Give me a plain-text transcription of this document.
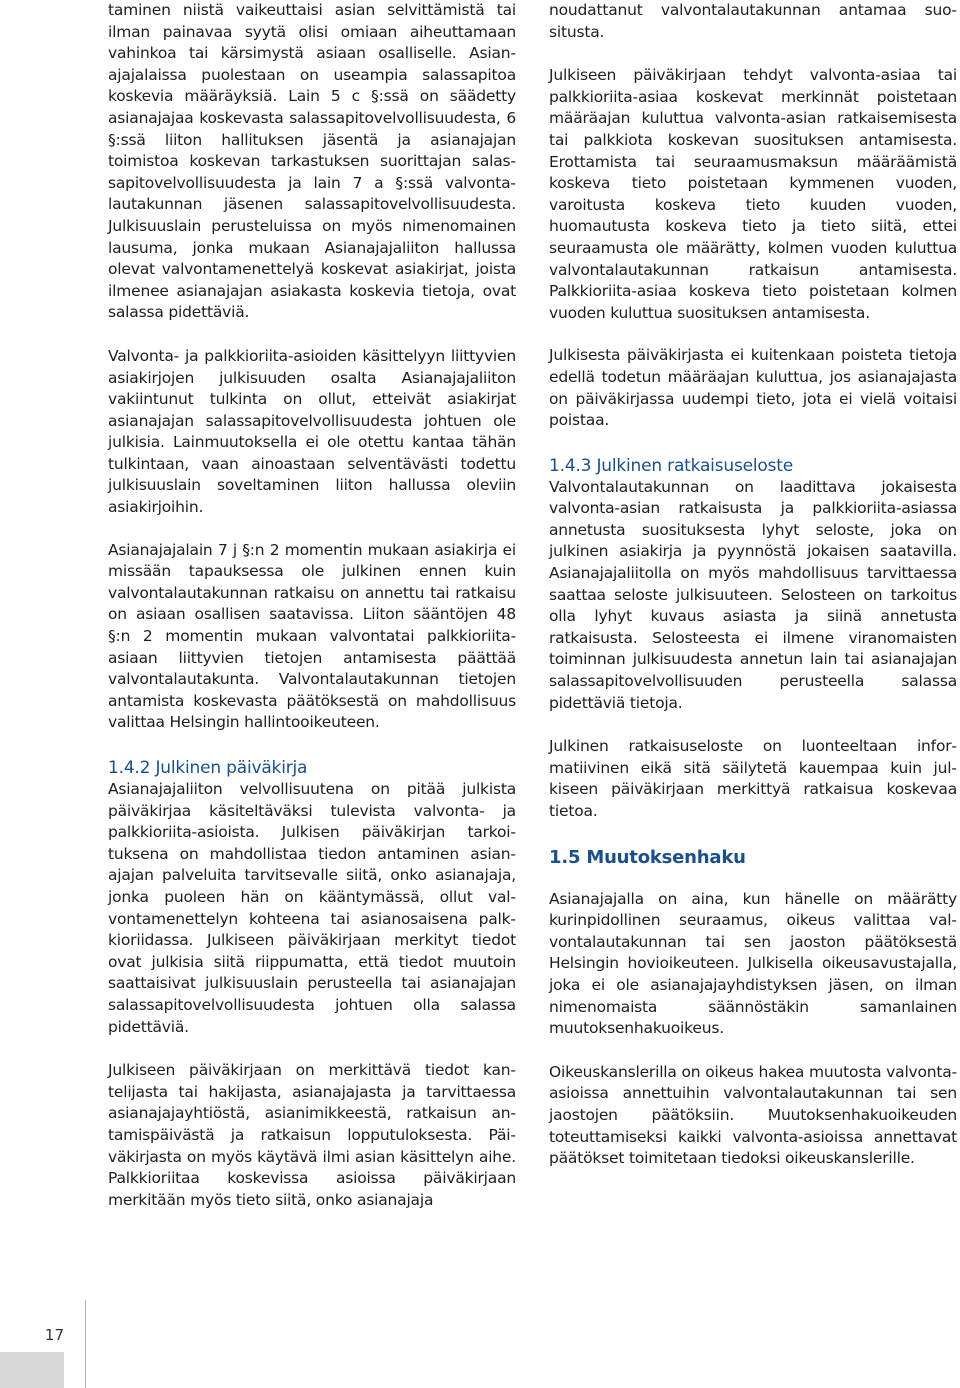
taminen niistä vaikeuttaisi asian selvittämistä tai ilman painavaa syytä olisi omiaan aiheuttamaan vahinkoa tai kärsimystä asiaan osalliselle. Asianajajalaissa puolestaan on useampia salassapitoa koskevia määräyksiä. Lain 5 c §:ssä on säädetty asianajajaa koskevasta salassapitovelvollisuudesta, 6 §:ssä liiton hallituksen jäsentä ja asianajajan toimistoa koskevan tarkastuksen suorittajan salassapitovelvollisuudesta ja lain 7 a §:ssä valvontalautakunnan jäsenen salassapitovelvollisuudesta. Julkisuuslain perusteluissa on myös nimenomainen lausuma, jonka mukaan Asianajajaliiton hallussa olevat valvontamenettelyä koskevat asiakirjat, joista ilmenee asianajajan asiakasta koskevia tietoja, ovat salassa pidettäviä.

Valvonta- ja palkkioriita-asioiden käsittelyyn liittyvien asiakirjojen julkisuuden osalta Asianajajaliiton vakiintunut tulkinta on ollut, etteivät asiakirjat asianajajan salassapitovelvollisuudesta johtuen ole julkisia. Lainmuutoksella ei ole otettu kantaa tähän tulkintaan, vaan ainoastaan selventävästi todettu julkisuuslain soveltaminen liiton hallussa oleviin asiakirjoihin.

Asianajajalain 7 j §:n 2 momentin mukaan asiakirja ei missään tapauksessa ole julkinen ennen kuin valvontalautakunnan ratkaisu on annettu tai ratkaisu on asiaan osallisen saatavissa. Liiton sääntöjen 48 §:n 2 momentin mukaan valvontatai palkkioriita-asiaan liittyvien tietojen antamisesta päättää valvontalautakunta. Valvontalautakunnan tietojen antamista koskevasta päätöksestä on mahdollisuus valittaa Helsingin hallintooikeuteen.

1.4.2 Julkinen päiväkirja

Asianajajaliiton velvollisuutena on pitää julkista päiväkirjaa käsiteltäväksi tulevista valvonta- ja palkkioriita-asioista. Julkisen päiväkirjan tarkoituksena on mahdollistaa tiedon antaminen asianajajan palveluita tarvitsevalle siitä, onko asianajaja, jonka puoleen hän on kääntymässä, ollut valvontamenettelyn kohteena tai asianosaisena palkkioriidassa. Julkiseen päiväkirjaan merkityt tiedot ovat julkisia siitä riippumatta, että tiedot muutoin saattaisivat julkisuuslain perusteella tai asianajajan salassapitovelvollisuudesta johtuen olla salassa pidettäviä.

Julkiseen päiväkirjaan on merkittävä tiedot kantelijasta tai hakijasta, asianajajasta ja tarvittaessa asianajajayhtiöstä, asianimikkeestä, ratkaisun antamispäivästä ja ratkaisun lopputuloksesta. Päiväkirjasta on myös käytävä ilmi asian käsittelyn aihe. Palkkioriitaa koskevissa asioissa päiväkirjaan merkitään myös tieto siitä, onko asianajaja

noudattanut valvontalautakunnan antamaa suositusta.

Julkiseen päiväkirjaan tehdyt valvonta-asiaa tai palkkioriita-asiaa koskevat merkinnät poistetaan määräajan kuluttua valvonta-asian ratkaisemisesta tai palkkiota koskevan suosituksen antamisesta. Erottamista tai seuraamusmaksun määräämistä koskeva tieto poistetaan kymmenen vuoden, varoitusta koskeva tieto kuuden vuoden, huomautusta koskeva tieto ja tieto siitä, ettei seuraamusta ole määrätty, kolmen vuoden kuluttua valvontalautakunnan ratkaisun antamisesta. Palkkioriita-asiaa koskeva tieto poistetaan kolmen vuoden kuluttua suosituksen antamisesta.

Julkisesta päiväkirjasta ei kuitenkaan poisteta tietoja edellä todetun määräajan kuluttua, jos asianajajasta on päiväkirjassa uudempi tieto, jota ei vielä voitaisi poistaa.

1.4.3 Julkinen ratkaisuseloste

Valvontalautakunnan on laadittava jokaisesta valvonta-asian ratkaisusta ja palkkioriita-asiassa annetusta suosituksesta lyhyt seloste, joka on julkinen asiakirja ja pyynnöstä jokaisen saatavilla. Asianajajaliitolla on myös mahdollisuus tarvittaessa saattaa seloste julkisuuteen. Selosteen on tarkoitus olla lyhyt kuvaus asiasta ja siinä annetusta ratkaisusta. Selosteesta ei ilmene viranomaisten toiminnan julkisuudesta annetun lain tai asianajajan salassapitovelvollisuuden perusteella salassa pidettäviä tietoja.

Julkinen ratkaisuseloste on luonteeltaan informatiivinen eikä sitä säilytetä kauempaa kuin julkiseen päiväkirjaan merkittyä ratkaisua koskevaa tietoa.

1.5 Muutoksenhaku

Asianajajalla on aina, kun hänelle on määrätty kurinpidollinen seuraamus, oikeus valittaa valvontalautakunnan tai sen jaoston päätöksestä Helsingin hovioikeuteen. Julkisella oikeusavustajalla, joka ei ole asianajajayhdistyksen jäsen, on ilman nimenomaista säännöstäkin samanlainen muutoksenhakuoikeus.

Oikeuskanslerilla on oikeus hakea muutosta valvonta-asioissa annettuihin valvontalautakunnan tai sen jaostojen päätöksiin. Muutoksenhakuoikeuden toteuttamiseksi kaikki valvonta-asioissa annettavat päätökset toimitetaan tiedoksi oikeuskanslerille.

17
